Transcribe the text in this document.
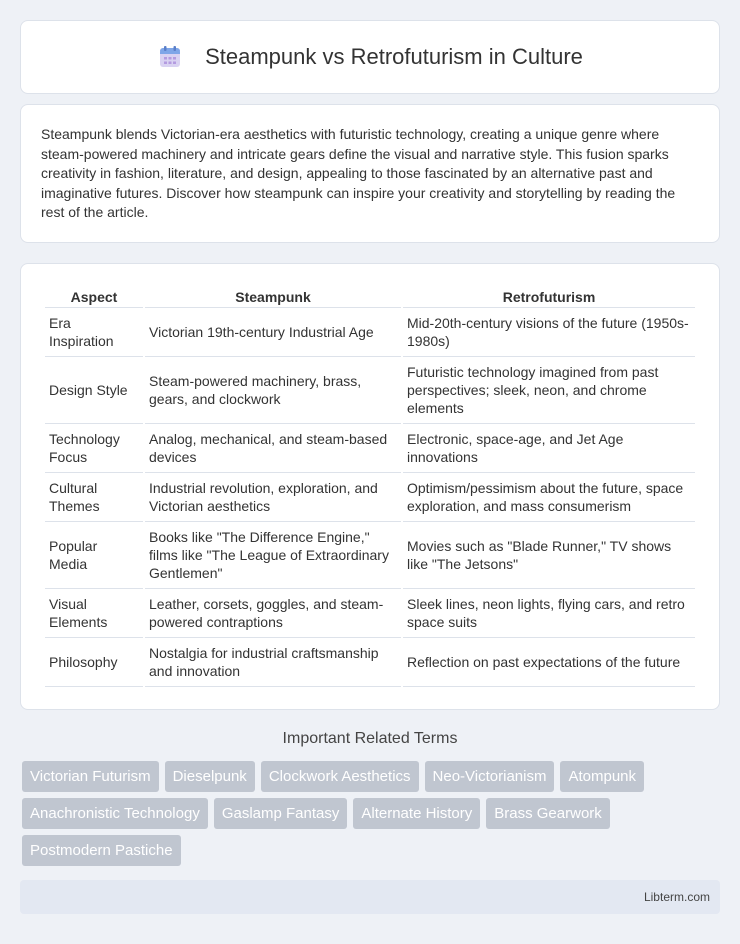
Steampunk vs Retrofuturism in Culture

Steampunk blends Victorian-era aesthetics with futuristic technology, creating a unique genre where steam-powered machinery and intricate gears define the visual and narrative style. This fusion sparks creativity in fashion, literature, and design, appealing to those fascinated by an alternative past and imaginative futures. Discover how steampunk can inspire your creativity and storytelling by reading the rest of the article.

Aspect	Steampunk	Retrofuturism
Era Inspiration	Victorian 19th-century Industrial Age	Mid-20th-century visions of the future (1950s-1980s)
Design Style	Steam-powered machinery, brass, gears, and clockwork	Futuristic technology imagined from past perspectives; sleek, neon, and chrome elements
Technology Focus	Analog, mechanical, and steam-based devices	Electronic, space-age, and Jet Age innovations
Cultural Themes	Industrial revolution, exploration, and Victorian aesthetics	Optimism/pessimism about the future, space exploration, and mass consumerism
Popular Media	Books like "The Difference Engine," films like "The League of Extraordinary Gentlemen"	Movies such as "Blade Runner," TV shows like "The Jetsons"
Visual Elements	Leather, corsets, goggles, and steam-powered contraptions	Sleek lines, neon lights, flying cars, and retro space suits
Philosophy	Nostalgia for industrial craftsmanship and innovation	Reflection on past expectations of the future
Important Related Terms
Victorian Futurism	Dieselpunk	Clockwork Aesthetics	Neo-Victorianism	Atompunk
Anachronistic Technology	Gaslamp Fantasy	Alternate History	Brass Gearwork
Postmodern Pastiche
Libterm.com
